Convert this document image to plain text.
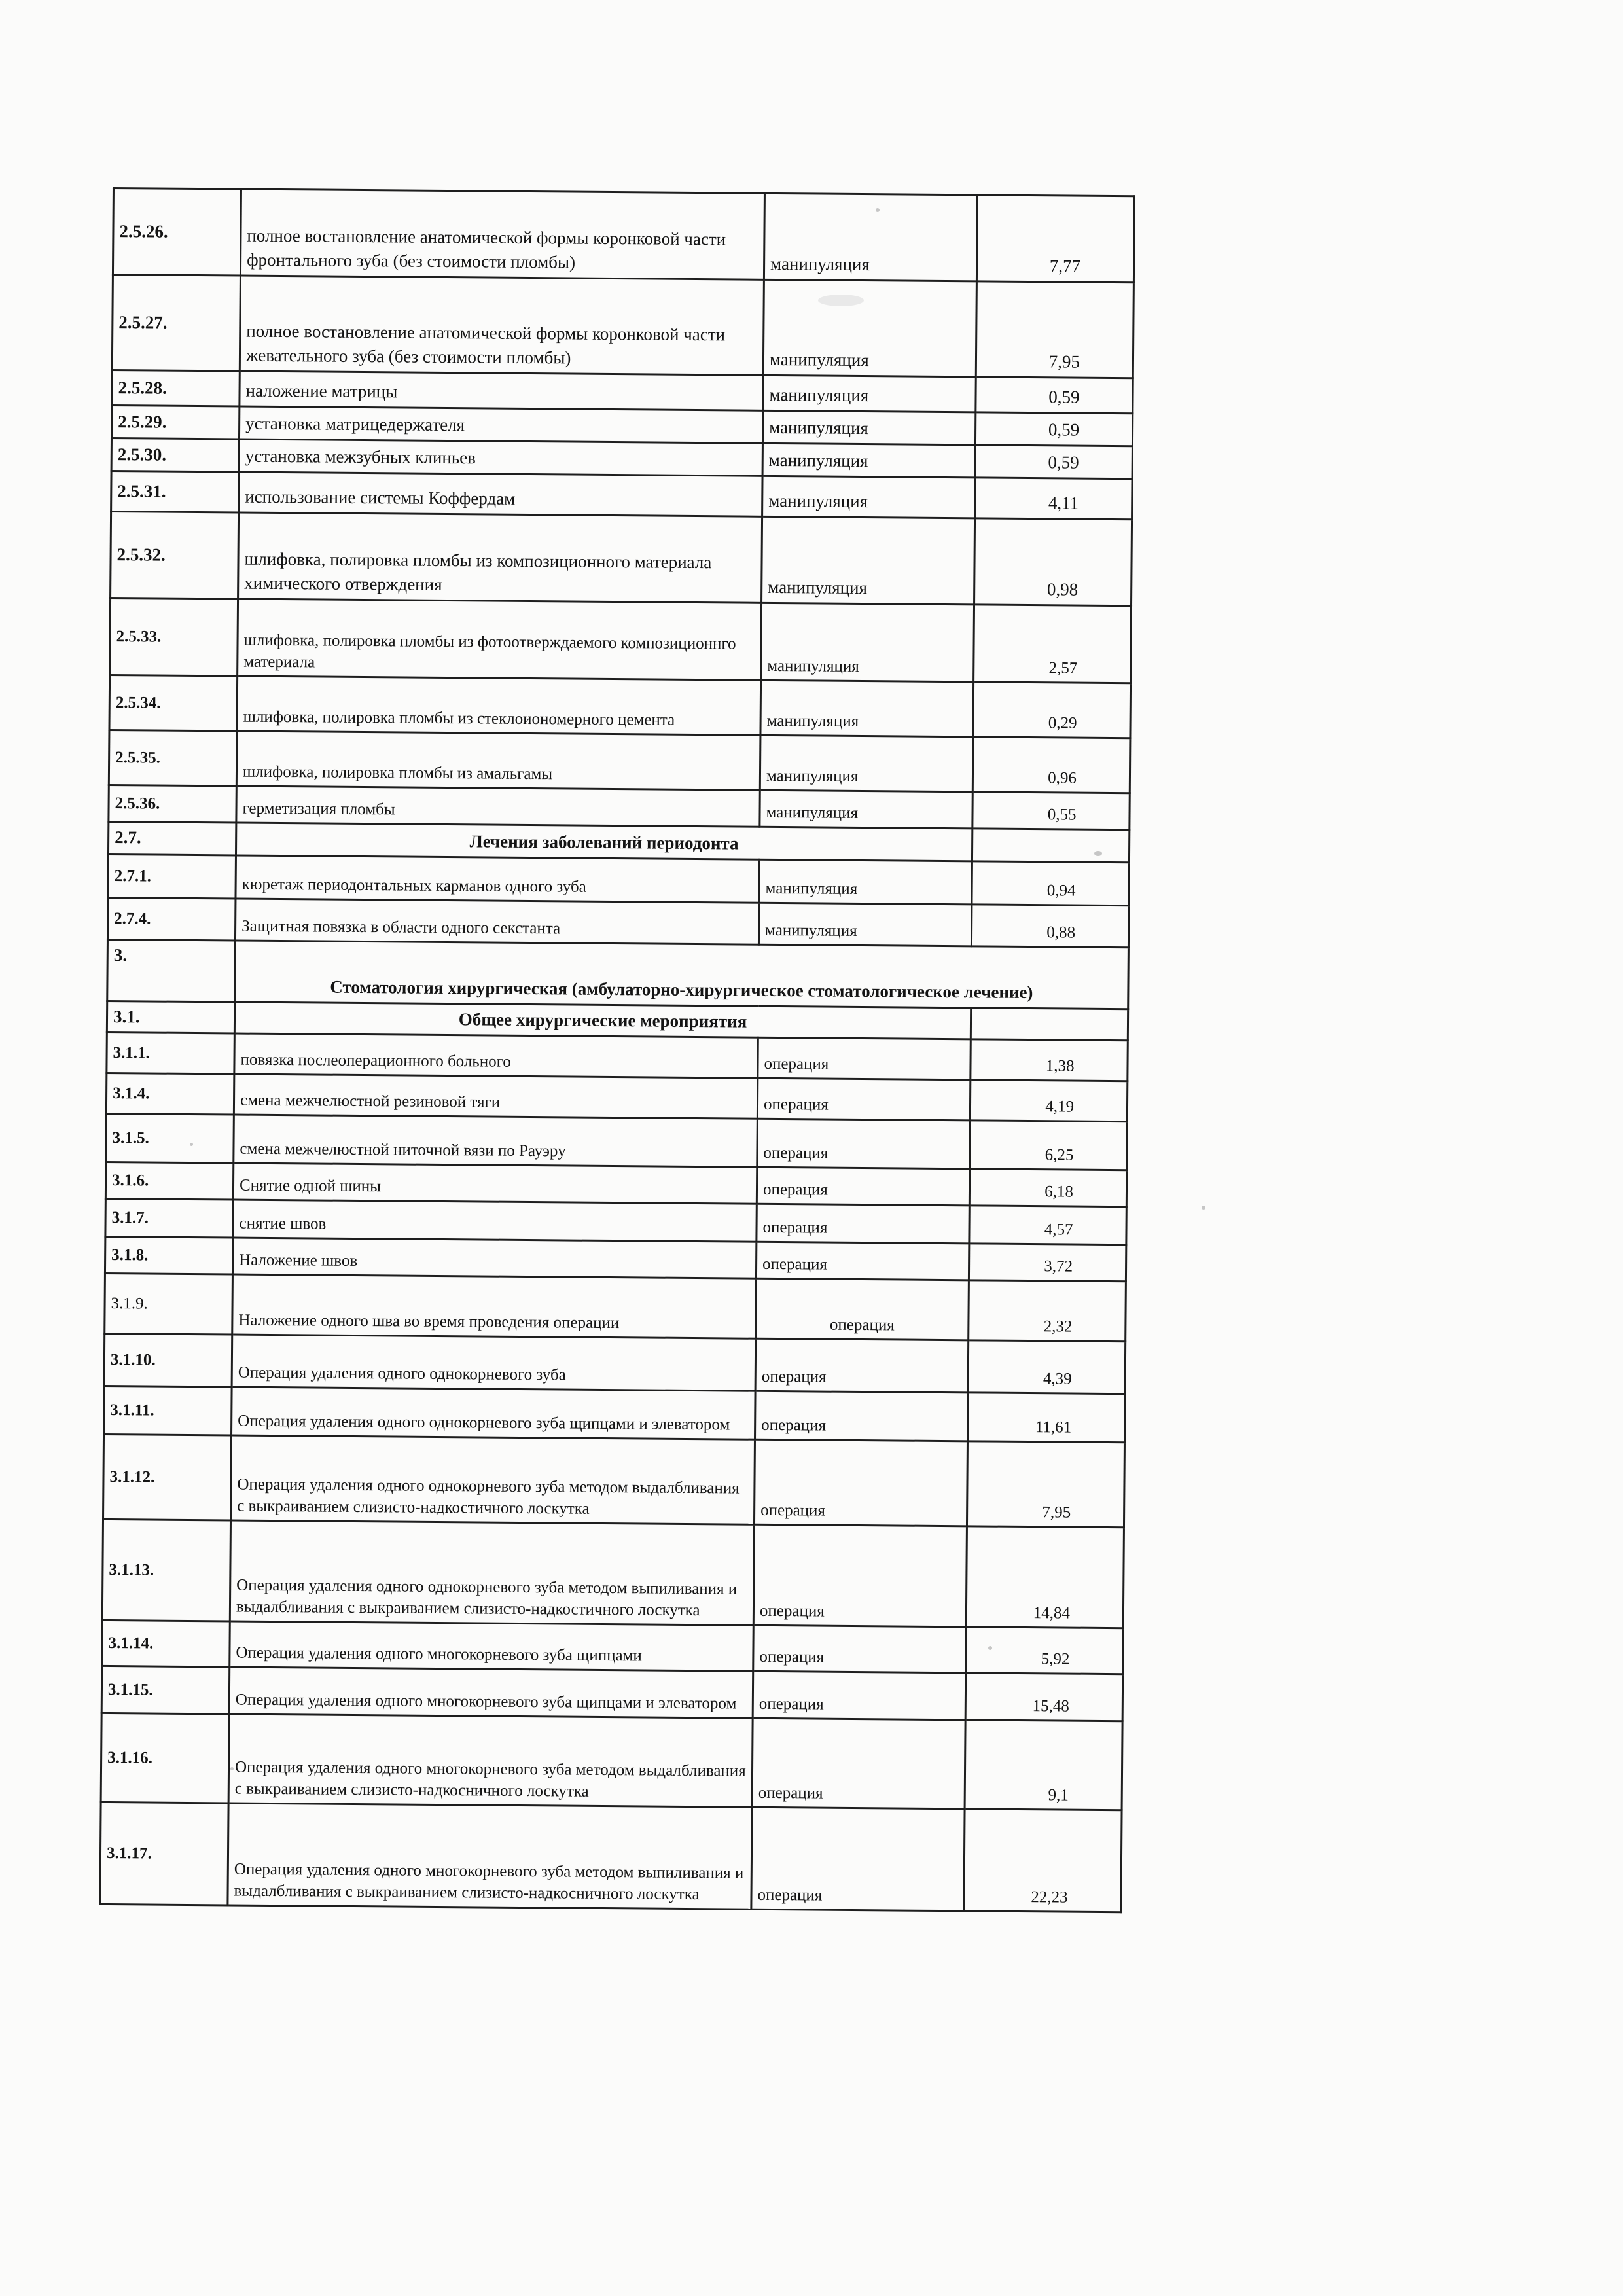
2.5.26.	полное востановление анатомической формы коронковой части фронтального зуба (без стоимости пломбы)	манипуляция	7,77
2.5.27.	полное востановление анатомической формы коронковой части жевательного зуба (без стоимости пломбы)	манипуляция	7,95
2.5.28.	наложение матрицы	манипуляция	0,59
2.5.29.	установка матрицедержателя	манипуляция	0,59
2.5.30.	установка межзубных клиньев	манипуляция	0,59
2.5.31.	использование системы Коффердам	манипуляция	4,11
2.5.32.	шлифовка, полировка пломбы из композиционного материала химического отверждения	манипуляция	0,98
2.5.33.	шлифовка, полировка пломбы из фотоотверждаемого композиционнго материала	манипуляция	2,57
2.5.34.	шлифовка, полировка пломбы из стеклоиономерного цемента	манипуляция	0,29
2.5.35.	шлифовка, полировка пломбы из амальгамы	манипуляция	0,96
2.5.36.	герметизация пломбы	манипуляция	0,55
2.7.	Лечения заболеваний периодонта		
2.7.1.	кюретаж периодонтальных карманов одного зуба	манипуляция	0,94
2.7.4.	Защитная повязка в области одного секстанта	манипуляция	0,88
3.	Стоматология хирургическая (амбулаторно-хирургическое стоматологическое лечение)		
3.1.	Общее хирургические мероприятия		
3.1.1.	повязка послеоперационного больного	операция	1,38
3.1.4.	смена межчелюстной резиновой тяги	операция	4,19
3.1.5.	смена межчелюстной ниточной вязи по Рауэру	операция	6,25
3.1.6.	Снятие одной шины	операция	6,18
3.1.7.	снятие швов	операция	4,57
3.1.8.	Наложение швов	операция	3,72
3.1.9.	Наложение одного шва во время проведения операции	операция	2,32
3.1.10.	Операция удаления одного однокорневого зуба	операция	4,39
3.1.11.	Операция удаления одного однокорневого зуба щипцами и элеватором	операция	11,61
3.1.12.	Операция удаления одного однокорневого зуба методом выдалбливания с выкраиванием слизисто-надкостичного лоскутка	операция	7,95
3.1.13.	Операция удаления одного однокорневого зуба методом выпиливания и выдалбливания с выкраиванием слизисто-надкостичного лоскутка	операция	14,84
3.1.14.	Операция удаления одного многокорневого зуба щипцами	операция	5,92
3.1.15.	Операция удаления одного многокорневого зуба щипцами и элеватором	операция	15,48
3.1.16.	Операция удаления одного многокорневого зуба методом выдалбливания с выкраиванием слизисто-надкосничного лоскутка	операция	9,1
3.1.17.	Операция удаления одного многокорневого зуба методом выпиливания и выдалбливания с выкраиванием слизисто-надкосничного лоскутка	операция	22,23
